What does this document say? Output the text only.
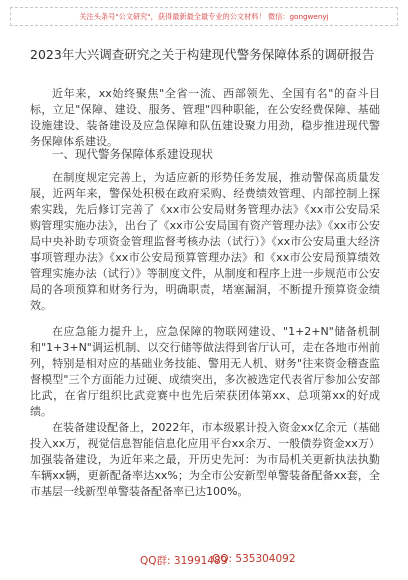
关注头条号"公文研究"，获得最新最全最专业的公文材料！ 微信：gongwenyj
2023年大兴调查研究之关于构建现代警务保障体系的调研报告
近年来，xx始终聚焦"全省一流、西部领先、全国有名"的奋斗目标，立足"保障、建设、服务、管理"四种职能，在公安经费保障、基础设施建设、装备建设及应急保障和队伍建设聚力用劲，稳步推进现代警务保障体系建设。
一、现代警务保障体系建设现状
在制度规定完善上，为适应新的形势任务发展，推动警保高质量发展，近两年来，警保处积极在政府采购、经费绩效管理、内部控制上探索实践，先后修订完善了《xx市公安局财务管理办法》《xx市公安局采购管理实施办法》，出台了《xx市公安局国有资产管理办法》《xx市公安局中央补助专项资金管理监督考核办法（试行）》《xx市公安局重大经济事项管理办法》《xx市公安局预算管理办法》和《xx市公安局预算绩效管理实施办法（试行）》等制度文件，从制度和程序上进一步规范市公安局的各项预算和财务行为，明确职责，堵塞漏洞，不断提升预算资金绩效。
在应急能力提升上，应急保障的物联网建设、"1+2+N"储备机制和"1+3+N"调运机制、以交行储等做法得到省厅认可，走在各地市州前列，特别是相对应的基础业务技能、警用无人机、财务"往来资金稽查监督模型"三个方面能力过硬、成绩突出，多次被选定代表省厅参加公安部比武，在省厅组织比武竞赛中也先后荣获团体第xx、总项第xx的好成绩。
在装备建设配备上，2022年，市本级累计投入资金xx亿余元（基础投入xx万，视觉信息智能信息化应用平台xx余万、一般债券资金xx万）加强装备建设，为近年来之最，开历史先河：为市局机关更新执法执勤车辆xx辆，更新配备率达xx%；为全市公安新型单警装备配备xx套，全市基层一线新型单警装备配备率已达100%。
QQ群: 31991489
QQ: 535304092
